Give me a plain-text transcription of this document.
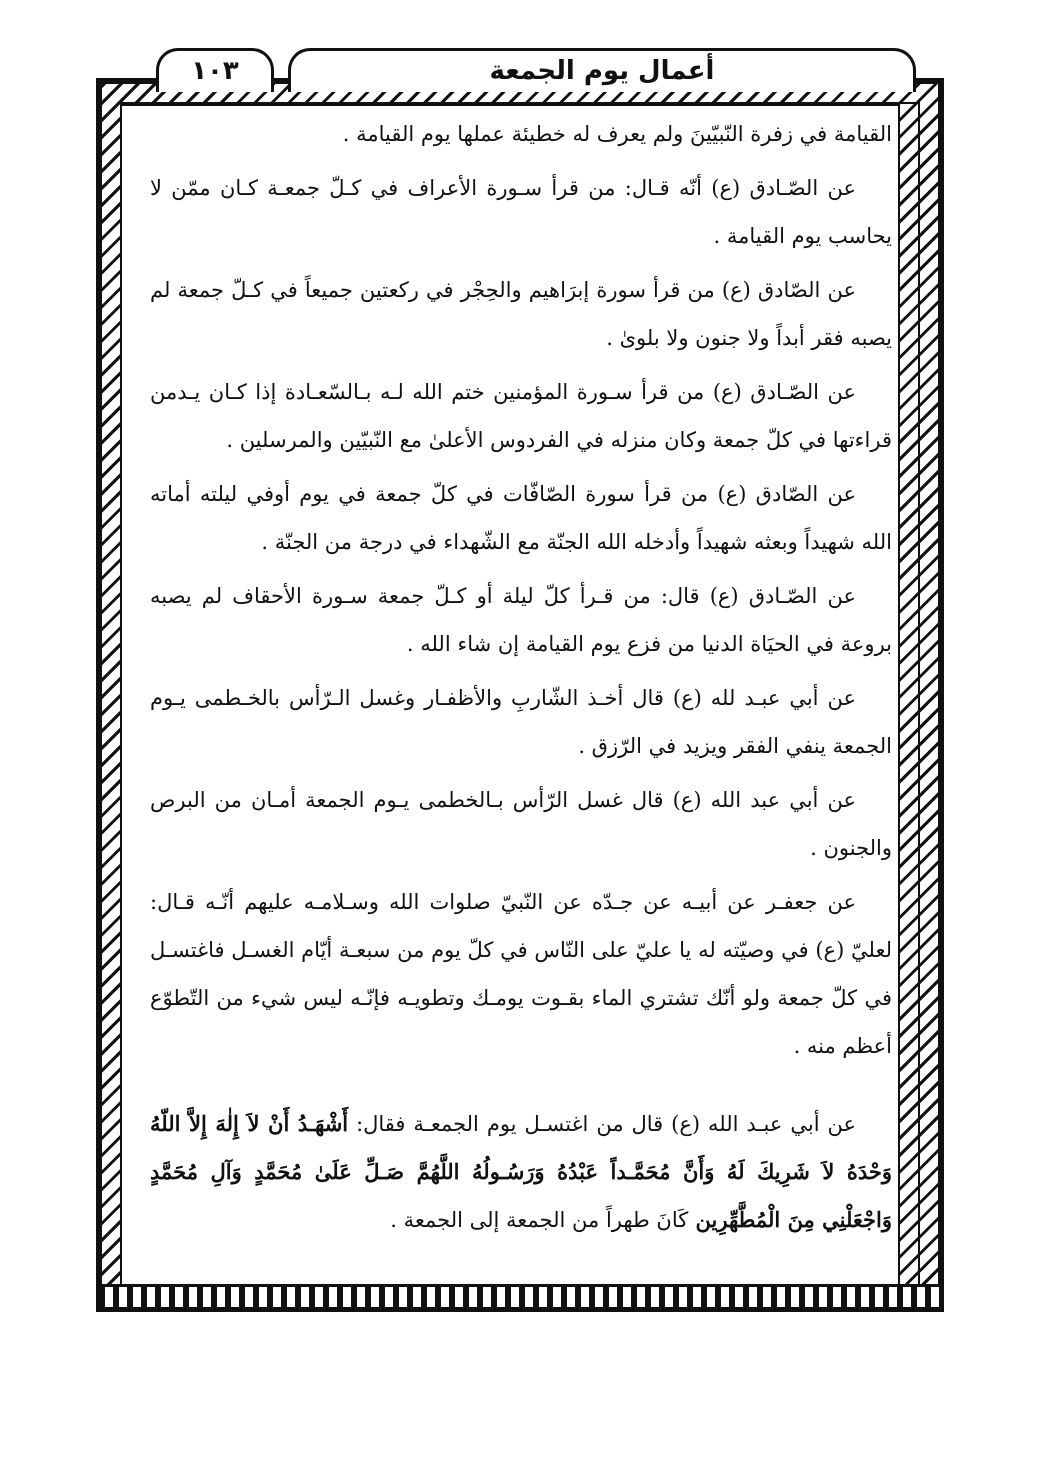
١٠٣	أعمال يوم الجمعة

القيامة في زفرة النّبيّينَ ولم يعرف له خطيئة عملها يوم القيامة .

عن الصّـادق (ع) أنّه قـال: من قرأ سـورة الأعراف في كـلّ جمعـة كـان ممّن لا يحاسب يوم القيامة .

عن الصّادق (ع) من قرأ سورة إبرَاهيم والحِجْر في ركعتين جميعاً في كـلّ جمعة لم يصبه فقر أبداً ولا جنون ولا بلوىٰ .

عن الصّـادق (ع) من قرأ سـورة المؤمنين ختم الله لـه بـالسّعـادة إذا كـان يـدمن قراءتها في كلّ جمعة وكان منزله في الفردوس الأعلىٰ مع النّبيّين والمرسلين .

عن الصّادق (ع) من قرأ سورة الصّافّات في كلّ جمعة في يوم أوفي ليلته أماته الله شهيداً وبعثه شهيداً وأدخله الله الجنّة مع الشّهداء في درجة من الجنّة .

عن الصّـادق (ع) قال: من قـرأ كلّ ليلة أو كـلّ جمعة سـورة الأحقاف لم يصبه بروعة في الحيَاة الدنيا من فزع يوم القيامة إن شاء الله .

عن أبي عبـد لله (ع) قال أخـذ الشّاربِ والأظفـار وغسل الـرّأس بالخـطمى يـوم الجمعة ينفي الفقر ويزيد في الرّزق .

عن أبي عبد الله (ع) قال غسل الرّأس بـالخطمى يـوم الجمعة أمـان من البرص والجنون .

عن جعفـر عن أبيـه عن جـدّه عن النّبيّ صلوات الله وسـلامـه عليهم أنّـه قـال: لعليّ (ع) في وصيّته له يا عليّ على النّاس في كلّ يوم من سبعـة أيّام الغسـل فاغتسـل في كلّ جمعة ولو أنّك تشتري الماء بقـوت يومـك وتطويـه فإنّـه ليس شيء من التّطوّع أعظم منه .

عن أبي عبـد الله (ع) قال من اغتسـل يوم الجمعـة فقال: أَشْهَـدُ أَنْ لاَ إِلٰهَ إِلاَّ اللّهُ وَحْدَهُ لاَ شَرِيكَ لَهُ وَأَنَّ مُحَمَّـداً عَبْدُهُ وَرَسُـولُهُ اللَّهُمَّ صَـلِّ عَلَىٰ مُحَمَّدٍ وَآلِ مُحَمَّدٍ وَاجْعَلْنِي مِنَ الْمُطَّهِّرِين كَانَ طهراً من الجمعة إلى الجمعة .
